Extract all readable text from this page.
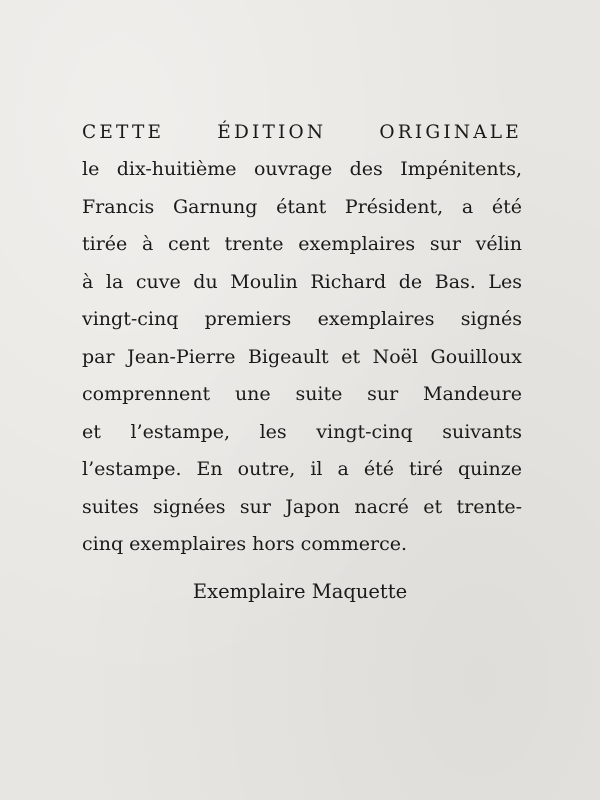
CETTE ÉDITION ORIGINALE
le dix-huitième ouvrage des Impénitents,
Francis Garnung étant Président, a été
tirée à cent trente exemplaires sur vélin
à la cuve du Moulin Richard de Bas. Les
vingt-cinq premiers exemplaires signés
par Jean-Pierre Bigeault et Noël Gouilloux
comprennent une suite sur Mandeure
et l’estampe, les vingt-cinq suivants
l’estampe. En outre, il a été tiré quinze
suites signées sur Japon nacré et trente-
cinq exemplaires hors commerce.
Exemplaire Maquette
